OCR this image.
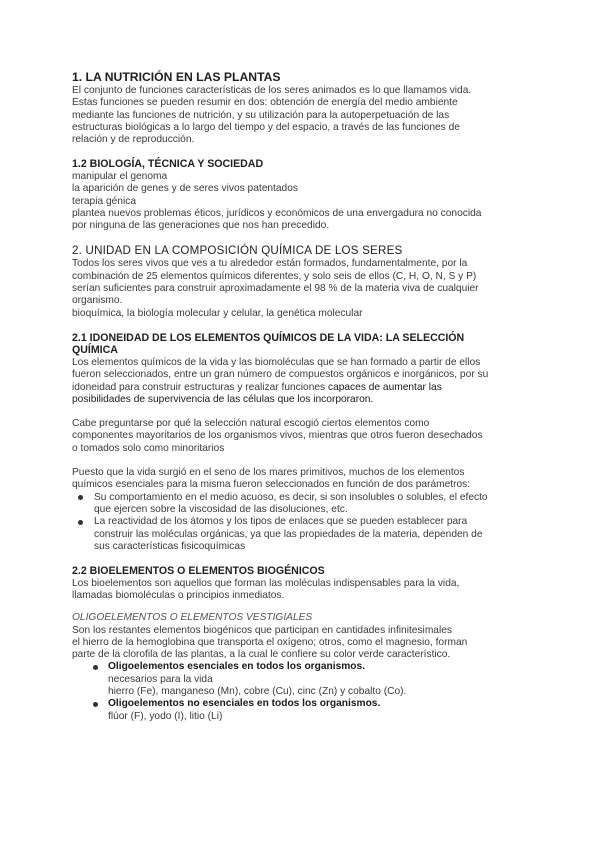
1. LA NUTRICIÓN EN LAS PLANTAS

El conjunto de funciones características de los seres animados es lo que llamamos vida.
Estas funciones se pueden resumir en dos: obtención de energía del medio ambiente
mediante las funciones de nutrición, y su utilización para la autoperpetuación de las
estructuras biológicas a lo largo del tiempo y del espacio, a través de las funciones de
relación y de reproducción.

1.2 BIOLOGÍA, TÉCNICA Y SOCIEDAD

manipular el genoma
la aparición de genes y de seres vivos patentados
terapia génica
plantea nuevos problemas éticos, jurídicos y económicos de una envergadura no conocida
por ninguna de las generaciones que nos han precedido.

2. UNIDAD EN LA COMPOSICIÓN QUÍMICA DE LOS SERES

Todos los seres vivos que ves a tu alrededor están formados, fundamentalmente, por la
combinación de 25 elementos químicos diferentes, y solo seis de ellos (C, H, O, N, S y P)
serían suficientes para construir aproximadamente el 98 % de la materia viva de cualquier
organismo.
bioquímica, la biología molecular y celular, la genética molecular

2.1 IDONEIDAD DE LOS ELEMENTOS QUÍMICOS DE LA VIDA: LA SELECCIÓN
QUÍMICA

Los elementos químicos de la vida y las biomoléculas que se han formado a partir de ellos
fueron seleccionados, entre un gran número de compuestos orgánicos e inorgánicos, por su
idoneidad para construir estructuras y realizar funciones capaces de aumentar las
posibilidades de supervivencia de las células que los incorporaron.

Cabe preguntarse por qué la selección natural escogió ciertos elementos como
componentes mayoritarios de los organismos vivos, mientras que otros fueron desechados
o tomados solo como minoritarios

Puesto que la vida surgió en el seno de los mares primitivos, muchos de los elementos
químicos esenciales para la misma fueron seleccionados en función de dos parámetros:

Su comportamiento en el medio acuoso, es decir, si son insolubles o solubles, el efecto
que ejercen sobre la viscosidad de las disoluciones, etc.
La reactividad de los átomos y los tipos de enlaces que se pueden establecer para
construir las moléculas orgánicas, ya que las propiedades de la materia, dependen de
sus características fisicoquímicas
2.2 BIOELEMENTOS O ELEMENTOS BIOGÉNICOS

Los bioelementos son aquellos que forman las moléculas indispensables para la vida,
llamadas biomoléculas o principios inmediatos.

OLIGOELEMENTOS O ELEMENTOS VESTIGIALES

Son los restantes elementos biogénicos que participan en cantidades infinitesimales
el hierro de la hemoglobina que transporta el oxígeno; otros, como el magnesio, forman
parte de la clorofila de las plantas, a la cual le confiere su color verde característico.

Oligoelementos esenciales en todos los organismos.
necesarios para la vida
hierro (Fe), manganeso (Mn), cobre (Cu), cinc (Zn) y cobalto (Co).
Oligoelementos no esenciales en todos los organismos.
flúor (F), yodo (I), litio (Li)
